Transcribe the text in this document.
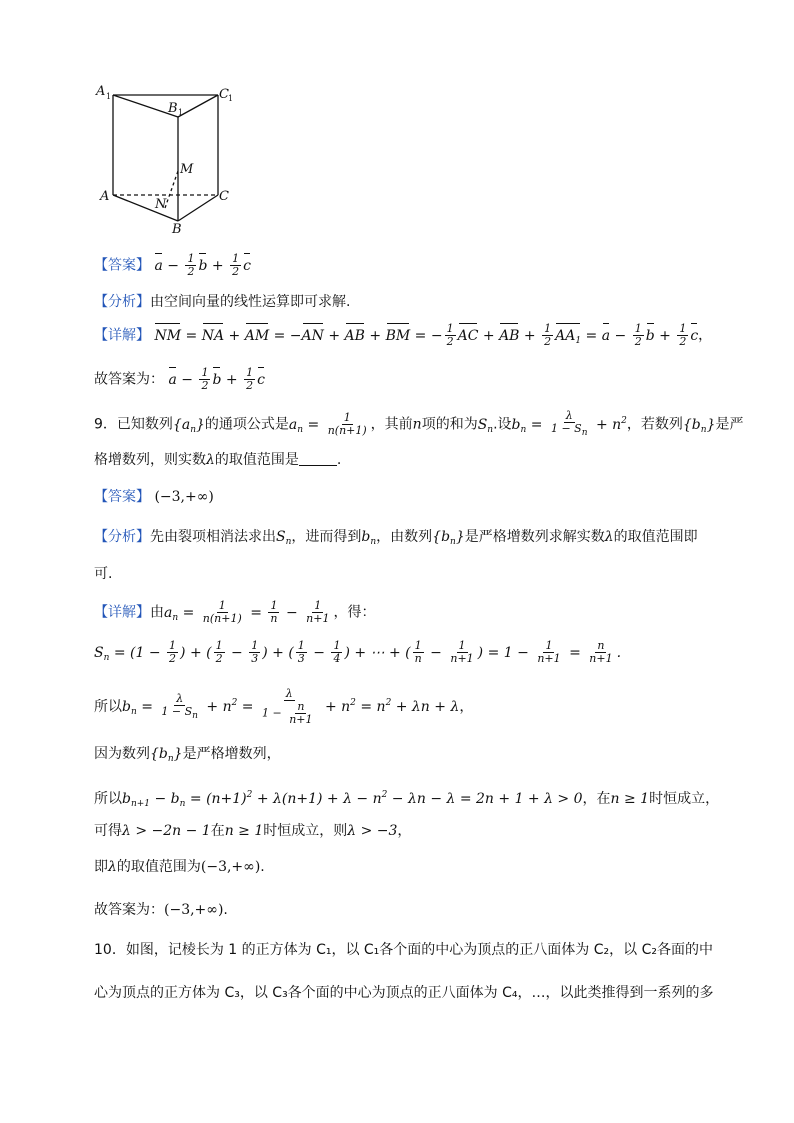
A 1
B 1
C 1
M
A
N
C
B
【答案】 $a - \frac{1}{2}$ $b + \frac{1}{2}$ c
【分析】由空间向量的线性运算即可求解.
【详解】 NM = NA + AM = −AN + AB + BM = − $\frac{1}{2}$ AC + AB + $\frac{1}{2} AA_1 = a - \frac{1}{2}$ $b + \frac{1}{2}$ c，
故答案为： $a - \frac{1}{2}$ $b + \frac{1}{2}$ c
9．已知数列$\{a_n\}$的通项公式是$a_n = \frac{1}{n(n+1)}$ ，其前n项的和为$S_n$.设$b_n = \frac{\lambda}{1 - S_n} + n^2$，若数列$\{b_n\}$是严
格增数列，则实数λ的取值范围是	.
【答案】 (−3,+∞)
【分析】先由裂项相消法求出$S_n$，进而得到$b_n$，由数列$\{b_n\}$是严格增数列求解实数λ的取值范围即
可.
【详解】由$a_n = \frac{1}{n(n+1)} = \frac{1}{n} - \frac{1}{n+1}$ ，得：
$S_n = (1 - \frac{1}{2}$ ) + ( $\frac{1}{2} - \frac{1}{3}$ ) + ( $\frac{1}{3} - \frac{1}{4}$ ) + ⋯ + ( $\frac{1}{n} - \frac{1}{n+1}$ ) = $1 - \frac{1}{n+1} = \frac{n}{n+1}$ .
所以$b_n = \frac{\lambda}{1 - S_n} + n^2 = \frac{\lambda}{1 - \frac{n}{n+1}} + n^2 = n^2 + \lambda n + \lambda$，
因为数列$\{b_n\}$是严格增数列，
所以$b_{n+1} - b_n = (n+1)^2 + \lambda(n+1) + \lambda - n^2 - \lambda n - \lambda = 2n + 1 + \lambda > 0$，在n ≥ 1时恒成立，
可得λ > −2n − 1在n ≥ 1时恒成立，则λ > −3，
即λ的取值范围为(−3,+∞).
故答案为：(−3,+∞).
10．如图，记棱长为 1 的正方体为 C₁，以 C₁各个面的中心为顶点的正八面体为 C₂，以 C₂各面的中
心为顶点的正方体为 C₃，以 C₃各个面的中心为顶点的正八面体为 C₄，…，以此类推得到一系列的多
